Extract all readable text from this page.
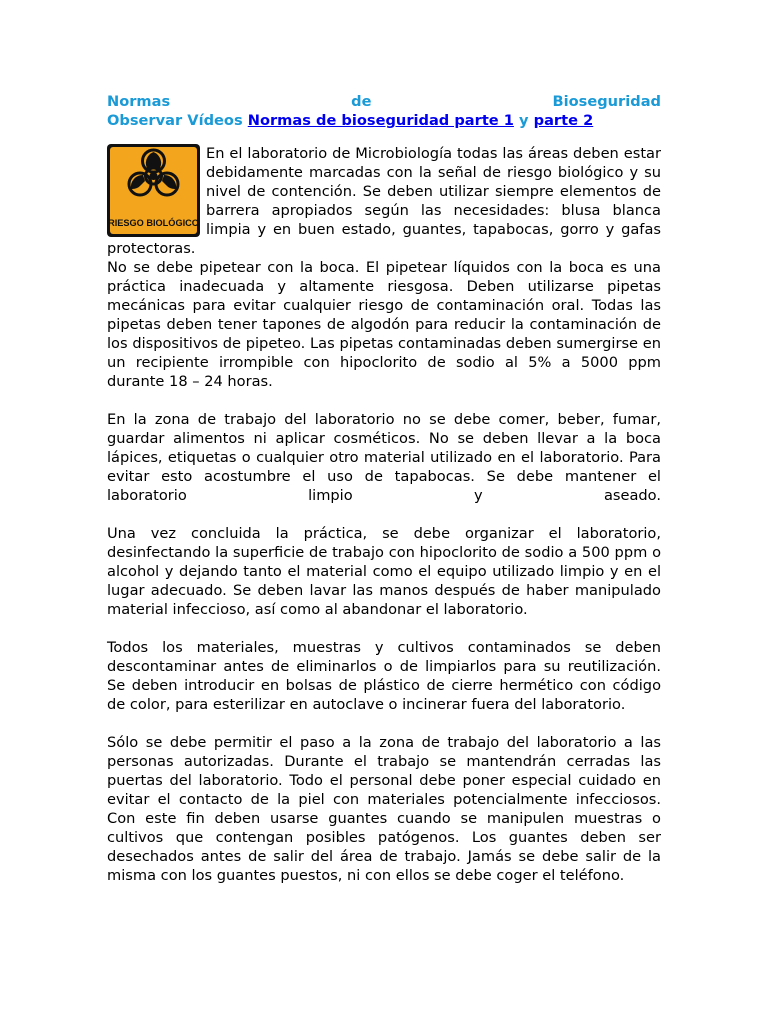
Normas	de	Bioseguridad
Observar Vídeos Normas de bioseguridad parte 1 y parte 2
RIESGO BIOLÓGICO

En el laboratorio de Microbiología todas las áreas deben estar debidamente marcadas con la señal de riesgo biológico y su nivel de contención. Se deben utilizar siempre elementos de barrera apropiados según las necesidades: blusa blanca limpia y en buen estado, guantes, tapabocas, gorro y gafas protectoras.

No se debe pipetear con la boca. El pipetear líquidos con la boca es una práctica inadecuada y altamente riesgosa. Deben utilizarse pipetas mecánicas para evitar cualquier riesgo de contaminación oral. Todas las pipetas deben tener tapones de algodón para reducir la contaminación de los dispositivos de pipeteo. Las pipetas contaminadas deben sumergirse en un recipiente irrompible con hipoclorito de sodio al 5% a 5000 ppm durante 18 – 24 horas.

En la zona de trabajo del laboratorio no se debe comer, beber, fumar, guardar alimentos ni aplicar cosméticos. No se deben llevar a la boca lápices, etiquetas o cualquier otro material utilizado en el laboratorio. Para evitar esto acostumbre el uso de tapabocas. Se debe mantener el laboratorio limpio y aseado.

Una vez concluida la práctica, se debe organizar el laboratorio, desinfectando la superficie de trabajo con hipoclorito de sodio a 500 ppm o alcohol y dejando tanto el material como el equipo utilizado limpio y en el lugar adecuado. Se deben lavar las manos después de haber manipulado material infeccioso, así como al abandonar el laboratorio.

Todos los materiales, muestras y cultivos contaminados se deben descontaminar antes de eliminarlos o de limpiarlos para su reutilización. Se deben introducir en bolsas de plástico de cierre hermético con código de color, para esterilizar en autoclave o incinerar fuera del laboratorio.

Sólo se debe permitir el paso a la zona de trabajo del laboratorio a las personas autorizadas. Durante el trabajo se mantendrán cerradas las puertas del laboratorio. Todo el personal debe poner especial cuidado en evitar el contacto de la piel con materiales potencialmente infecciosos. Con este fin deben usarse guantes cuando se manipulen muestras o cultivos que contengan posibles patógenos. Los guantes deben ser desechados antes de salir del área de trabajo. Jamás se debe salir de la misma con los guantes puestos, ni con ellos se debe coger el teléfono.
